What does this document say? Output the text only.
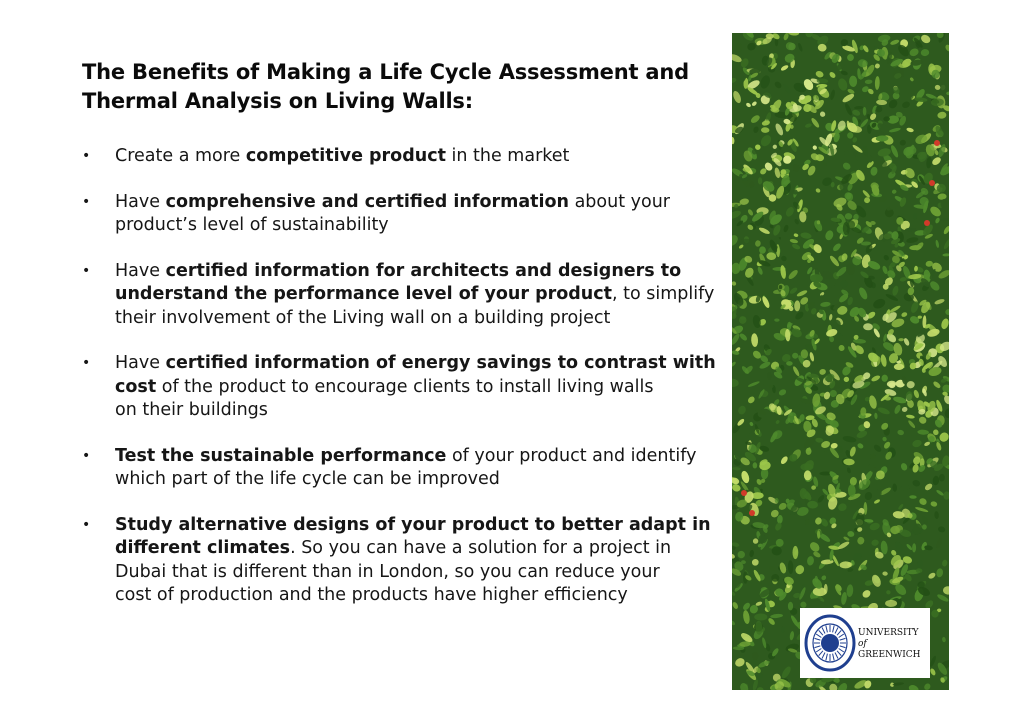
The Benefits of Making a Life Cycle Assessment and
Thermal Analysis on Living Walls:
• Create a more competitive product in the market
• Have comprehensive and certified information about your
product’s level of sustainability
• Have certified information for architects and designers to
understand the performance level of your product, to simplify
their involvement of the Living wall on a building project
• Have certified information of energy savings to contrast with
cost of the product to encourage clients to install living walls
on their buildings
• Test the sustainable performance of your product and identify
which part of the life cycle can be improved
• Study alternative designs of your product to better adapt in
different climates. So you can have a solution for a project in
Dubai that is different than in London, so you can reduce your
cost of production and the products have higher efficiency
UNIVERSITY
of
GREENWICH
